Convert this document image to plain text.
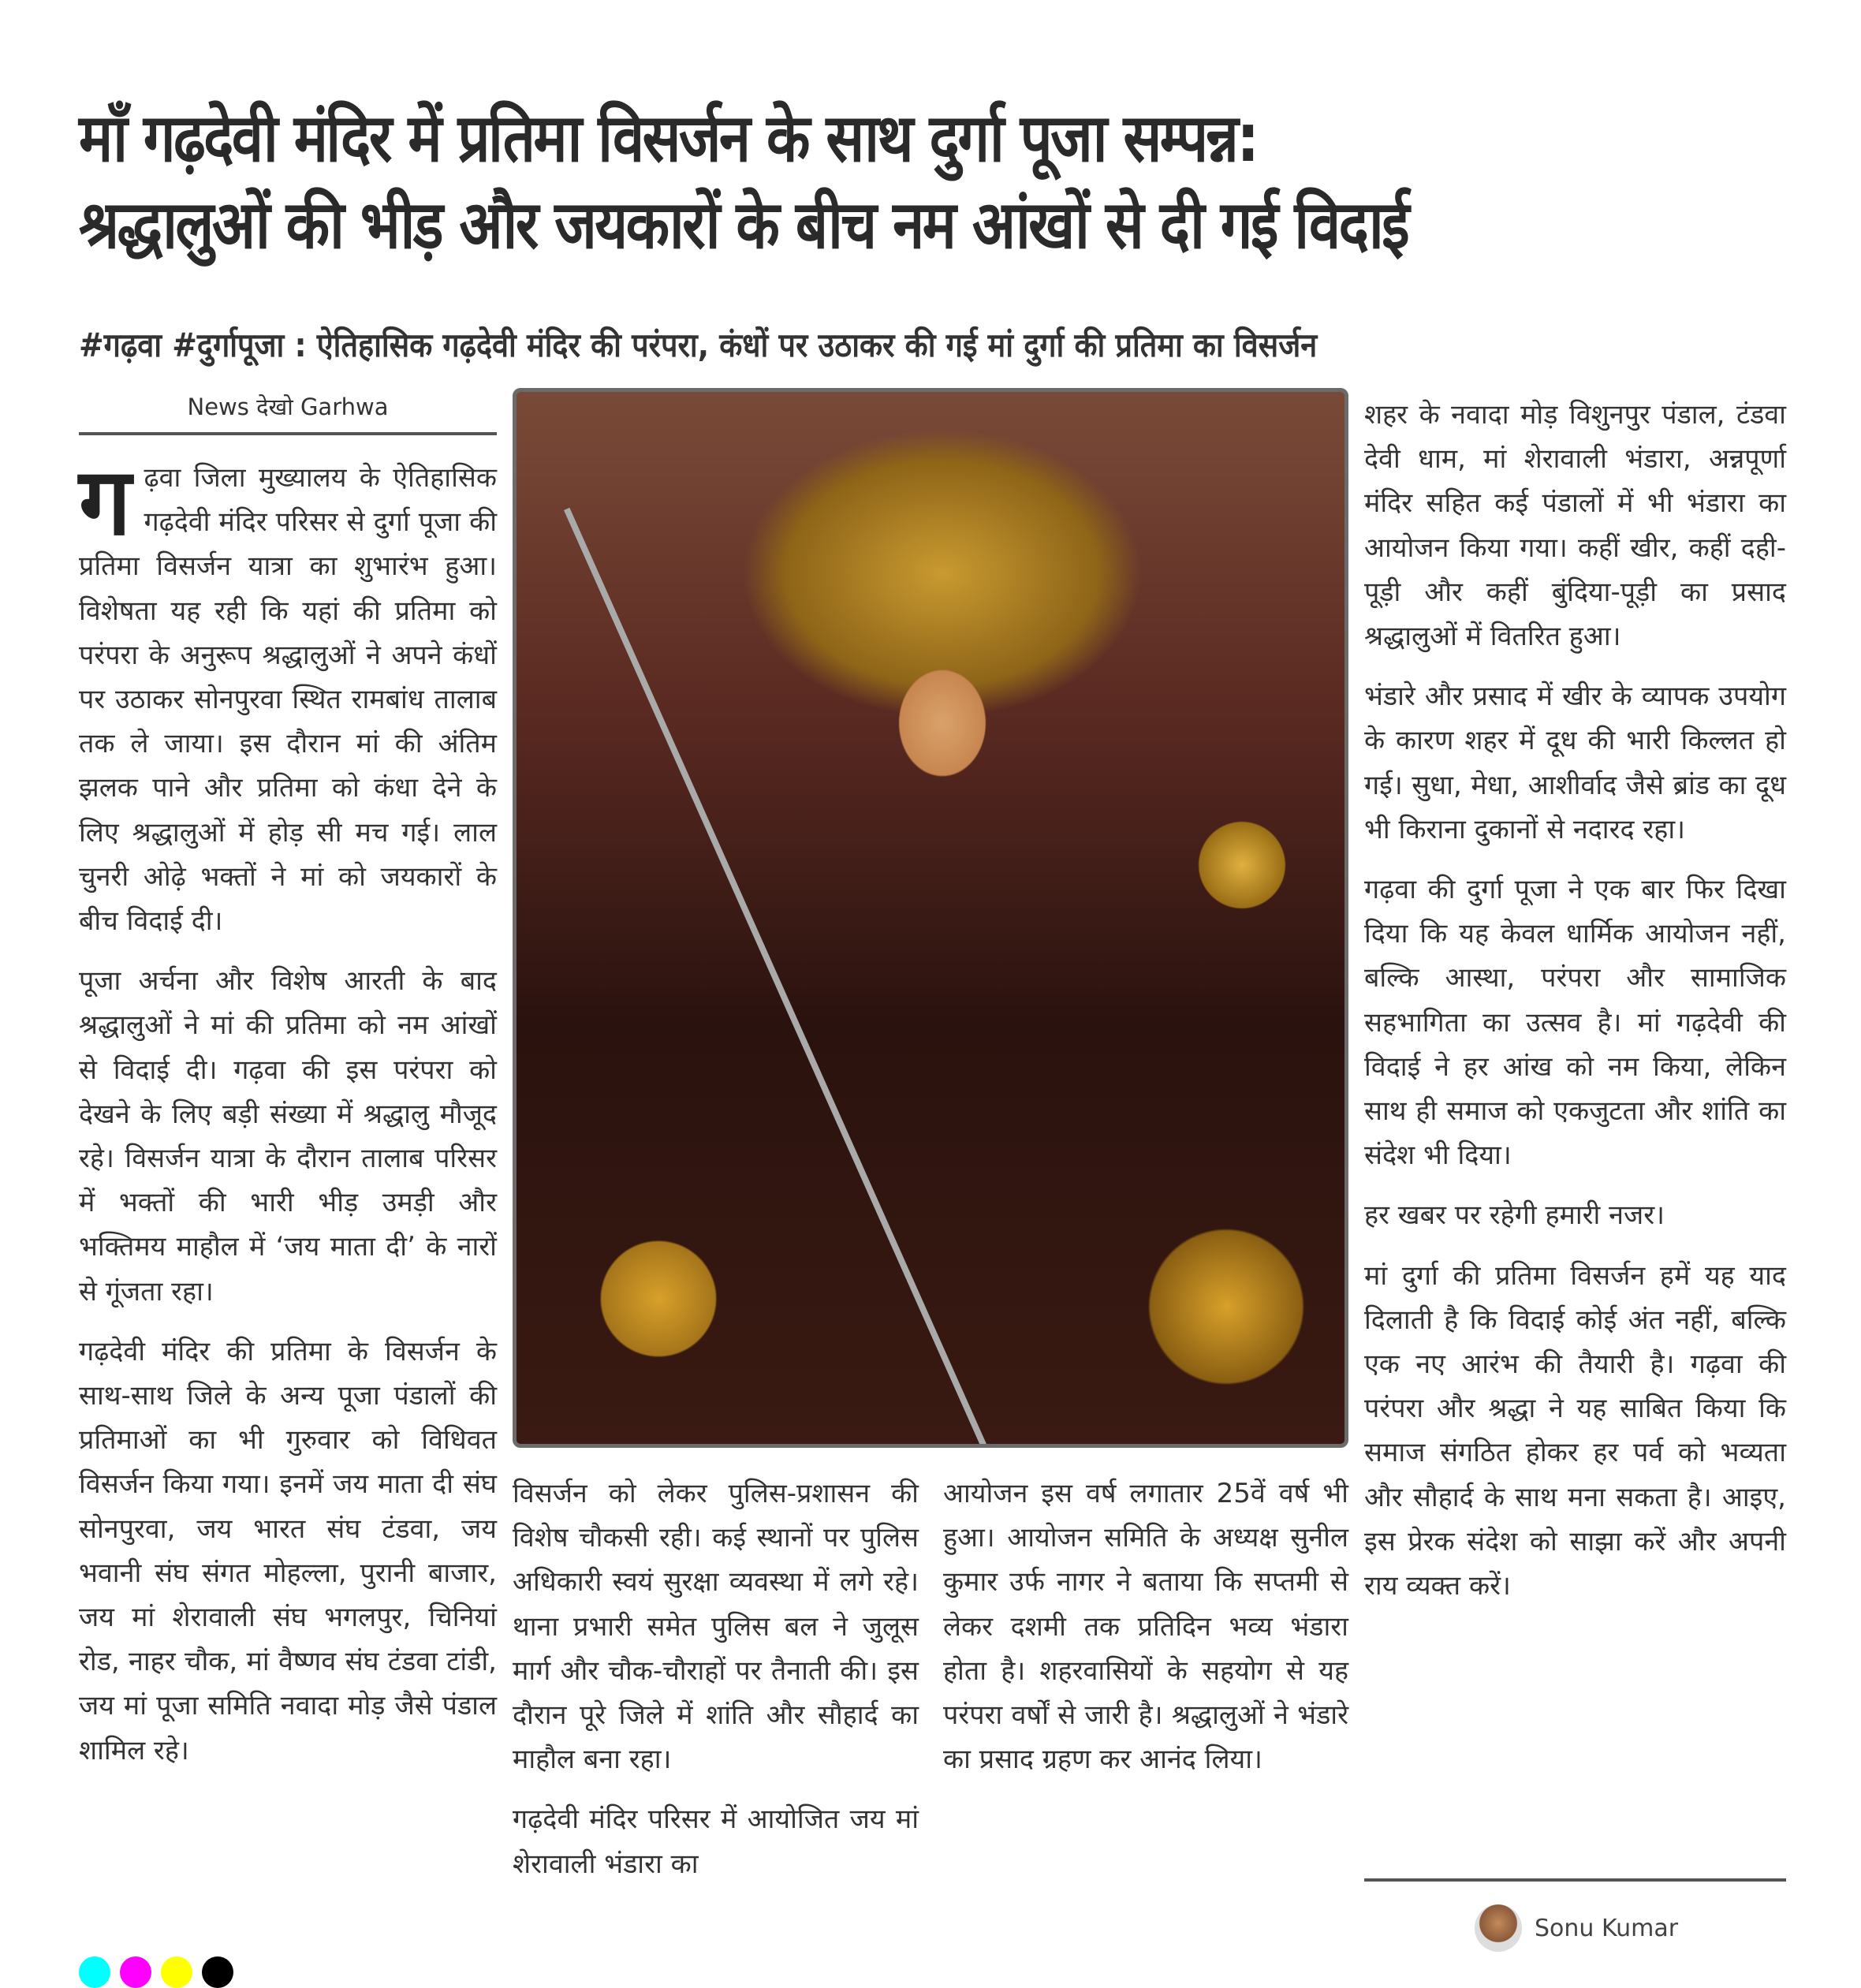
माँ गढ़देवी मंदिर में प्रतिमा विसर्जन के साथ दुर्गा पूजा सम्पन्न:
श्रद्धालुओं की भीड़ और जयकारों के बीच नम आंखों से दी गई विदाई
#गढ़वा #दुर्गापूजा : ऐतिहासिक गढ़देवी मंदिर की परंपरा, कंधों पर उठाकर की गई मां दुर्गा की प्रतिमा का विसर्जन
News देखो Garhwa

गढ़वा जिला मुख्यालय के ऐतिहासिक गढ़देवी मंदिर परिसर से दुर्गा पूजा की प्रतिमा विसर्जन यात्रा का शुभारंभ हुआ। विशेषता यह रही कि यहां की प्रतिमा को परंपरा के अनुरूप श्रद्धालुओं ने अपने कंधों पर उठाकर सोनपुरवा स्थित रामबांध तालाब तक ले जाया। इस दौरान मां की अंतिम झलक पाने और प्रतिमा को कंधा देने के लिए श्रद्धालुओं में होड़ सी मच गई। लाल चुनरी ओढ़े भक्तों ने मां को जयकारों के बीच विदाई दी।

पूजा अर्चना और विशेष आरती के बाद श्रद्धालुओं ने मां की प्रतिमा को नम आंखों से विदाई दी। गढ़वा की इस परंपरा को देखने के लिए बड़ी संख्या में श्रद्धालु मौजूद रहे। विसर्जन यात्रा के दौरान तालाब परिसर में भक्तों की भारी भीड़ उमड़ी और भक्तिमय माहौल में ‘जय माता दी’ के नारों से गूंजता रहा।

गढ़देवी मंदिर की प्रतिमा के विसर्जन के साथ-साथ जिले के अन्य पूजा पंडालों की प्रतिमाओं का भी गुरुवार को विधिवत विसर्जन किया गया। इनमें जय माता दी संघ सोनपुरवा, जय भारत संघ टंडवा, जय भवानी संघ संगत मोहल्ला, पुरानी बाजार, जय मां शेरावाली संघ भगलपुर, चिनियां रोड, नाहर चौक, मां वैष्णव संघ टंडवा टांडी, जय मां पूजा समिति नवादा मोड़ जैसे पंडाल शामिल रहे।

विसर्जन को लेकर पुलिस-प्रशासन की विशेष चौकसी रही। कई स्थानों पर पुलिस अधिकारी स्वयं सुरक्षा व्यवस्था में लगे रहे। थाना प्रभारी समेत पुलिस बल ने जुलूस मार्ग और चौक-चौराहों पर तैनाती की। इस दौरान पूरे जिले में शांति और सौहार्द का माहौल बना रहा।

गढ़देवी मंदिर परिसर में आयोजित जय मां शेरावाली भंडारा का

आयोजन इस वर्ष लगातार 25वें वर्ष भी हुआ। आयोजन समिति के अध्यक्ष सुनील कुमार उर्फ नागर ने बताया कि सप्तमी से लेकर दशमी तक प्रतिदिन भव्य भंडारा होता है। शहरवासियों के सहयोग से यह परंपरा वर्षों से जारी है। श्रद्धालुओं ने भंडारे का प्रसाद ग्रहण कर आनंद लिया।

शहर के नवादा मोड़ विशुनपुर पंडाल, टंडवा देवी धाम, मां शेरावाली भंडारा, अन्नपूर्णा मंदिर सहित कई पंडालों में भी भंडारा का आयोजन किया गया। कहीं खीर, कहीं दही-पूड़ी और कहीं बुंदिया-पूड़ी का प्रसाद श्रद्धालुओं में वितरित हुआ।

भंडारे और प्रसाद में खीर के व्यापक उपयोग के कारण शहर में दूध की भारी किल्लत हो गई। सुधा, मेधा, आशीर्वाद जैसे ब्रांड का दूध भी किराना दुकानों से नदारद रहा।

गढ़वा की दुर्गा पूजा ने एक बार फिर दिखा दिया कि यह केवल धार्मिक आयोजन नहीं, बल्कि आस्था, परंपरा और सामाजिक सहभागिता का उत्सव है। मां गढ़देवी की विदाई ने हर आंख को नम किया, लेकिन साथ ही समाज को एकजुटता और शांति का संदेश भी दिया।

हर खबर पर रहेगी हमारी नजर।

मां दुर्गा की प्रतिमा विसर्जन हमें यह याद दिलाती है कि विदाई कोई अंत नहीं, बल्कि एक नए आरंभ की तैयारी है। गढ़वा की परंपरा और श्रद्धा ने यह साबित किया कि समाज संगठित होकर हर पर्व को भव्यता और सौहार्द के साथ मना सकता है। आइए, इस प्रेरक संदेश को साझा करें और अपनी राय व्यक्त करें।

Sonu Kumar
